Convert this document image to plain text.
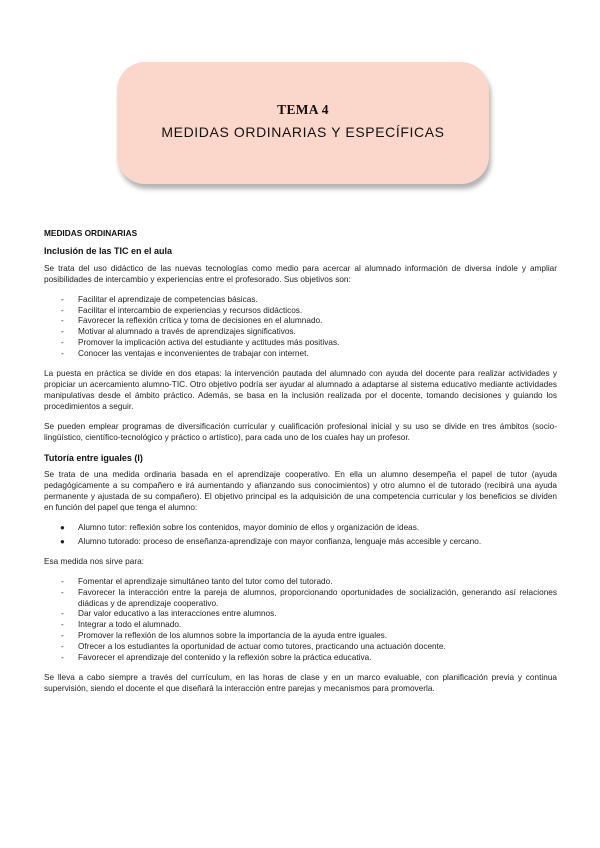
TEMA 4
MEDIDAS ORDINARIAS Y ESPECÍFICAS
MEDIDAS ORDINARIAS
Inclusión de las TIC en el aula

Se trata del uso didáctico de las nuevas tecnologías como medio para acercar al alumnado información de diversa índole y ampliar posibilidades de intercambio y experiencias entre el profesorado. Sus objetivos son:

- Facilitar el aprendizaje de competencias básicas.
- Facilitar el intercambio de experiencias y recursos didácticos.
- Favorecer la reflexión crítica y toma de decisiones en el alumnado.
- Motivar al alumnado a través de aprendizajes significativos.
- Promover la implicación activa del estudiante y actitudes más positivas.
- Conocer las ventajas e inconvenientes de trabajar con internet.

La puesta en práctica se divide en dos etapas: la intervención pautada del alumnado con ayuda del docente para realizar actividades y propiciar un acercamiento alumno-TIC. Otro objetivo podría ser ayudar al alumnado a adaptarse al sistema educativo mediante actividades manipulativas desde el ámbito práctico. Además, se basa en la inclusión realizada por el docente, tomando decisiones y guiando los procedimientos a seguir.

Se pueden emplear programas de diversificación curricular y cualificación profesional inicial y su uso se divide en tres ámbitos (socio-lingüístico, científico-tecnológico y práctico o artístico), para cada uno de los cuales hay un profesor.

Tutoría entre iguales (I)

Se trata de una medida ordinaria basada en el aprendizaje cooperativo. En ella un alumno desempeña el papel de tutor (ayuda pedagógicamente a su compañero e irá aumentando y afianzando sus conocimientos) y otro alumno el de tutorado (recibirá una ayuda permanente y ajustada de su compañero). El objetivo principal es la adquisición de una competencia curricular y los beneficios se dividen en función del papel que tenga el alumno:

● Alumno tutor: reflexión sobre los contenidos, mayor dominio de ellos y organización de ideas.
● Alumno tutorado: proceso de enseñanza-aprendizaje con mayor confianza, lenguaje más accesible y cercano.

Esa medida nos sirve para:

- Fomentar el aprendizaje simultáneo tanto del tutor como del tutorado.
- Favorecer la interacción entre la pareja de alumnos, proporcionando oportunidades de socialización, generando así relaciones diádicas y de aprendizaje cooperativo.
- Dar valor educativo a las interacciones entre alumnos.
- Integrar a todo el alumnado.
- Promover la reflexión de los alumnos sobre la importancia de la ayuda entre iguales.
- Ofrecer a los estudiantes la oportunidad de actuar como tutores, practicando una actuación docente.
- Favorecer el aprendizaje del contenido y la reflexión sobre la práctica educativa.

Se lleva a cabo siempre a través del currículum, en las horas de clase y en un marco evaluable, con planificación previa y continua supervisión, siendo el docente el que diseñará la interacción entre parejas y mecanismos para promoverla.
